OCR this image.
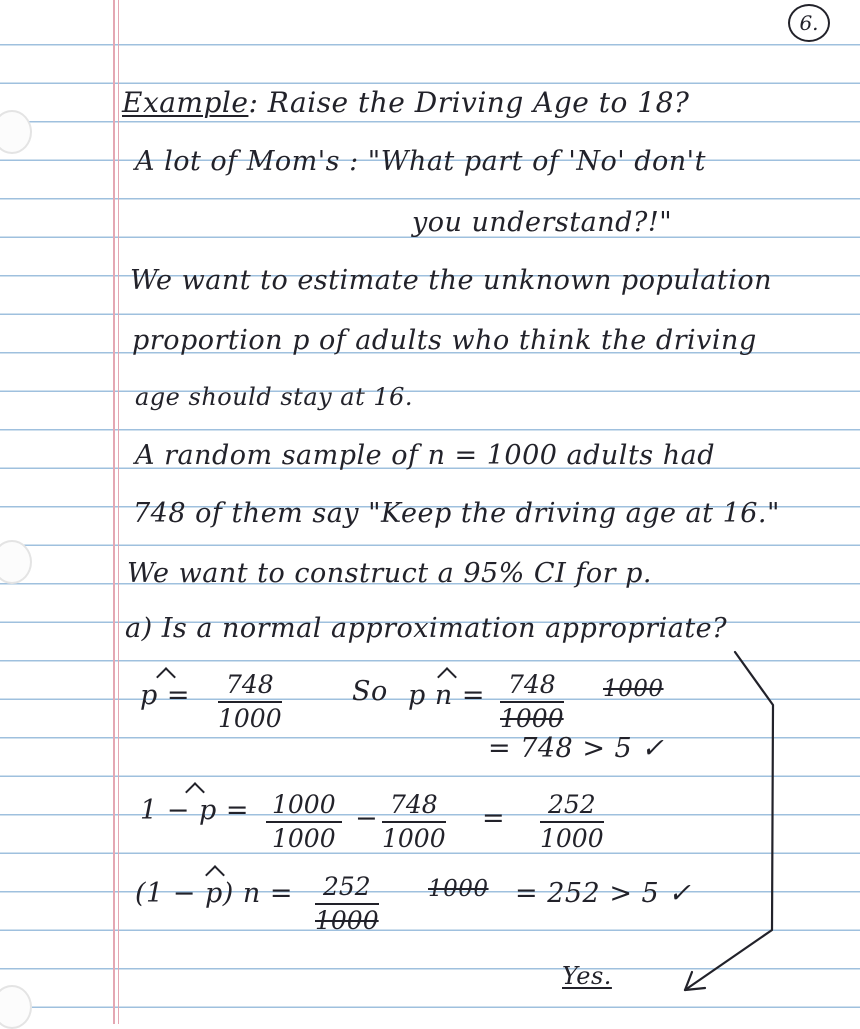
6.
Example: Raise the Driving Age to 18?
A lot of Mom's : "What part of 'No' don't
you understand?!"
We want to estimate the unknown population
proportion p of adults who think the driving
age should stay at 16.
A random sample of n = 1000 adults had
748 of them say "Keep the driving age at 16."
We want to construct a 95% CI for p.
a) Is a normal approximation appropriate?
$p = \frac{748}{1000}$	So p $n = \frac{748}{1000} 1000$
= 748 > 5 ✓
$1 - p = \frac{1000}{1000} - \frac{748}{1000} = \frac{252}{1000}$
(1 − p) $n = \frac{252}{1000} 1000 = 252 > 5$ ✓
Yes.
